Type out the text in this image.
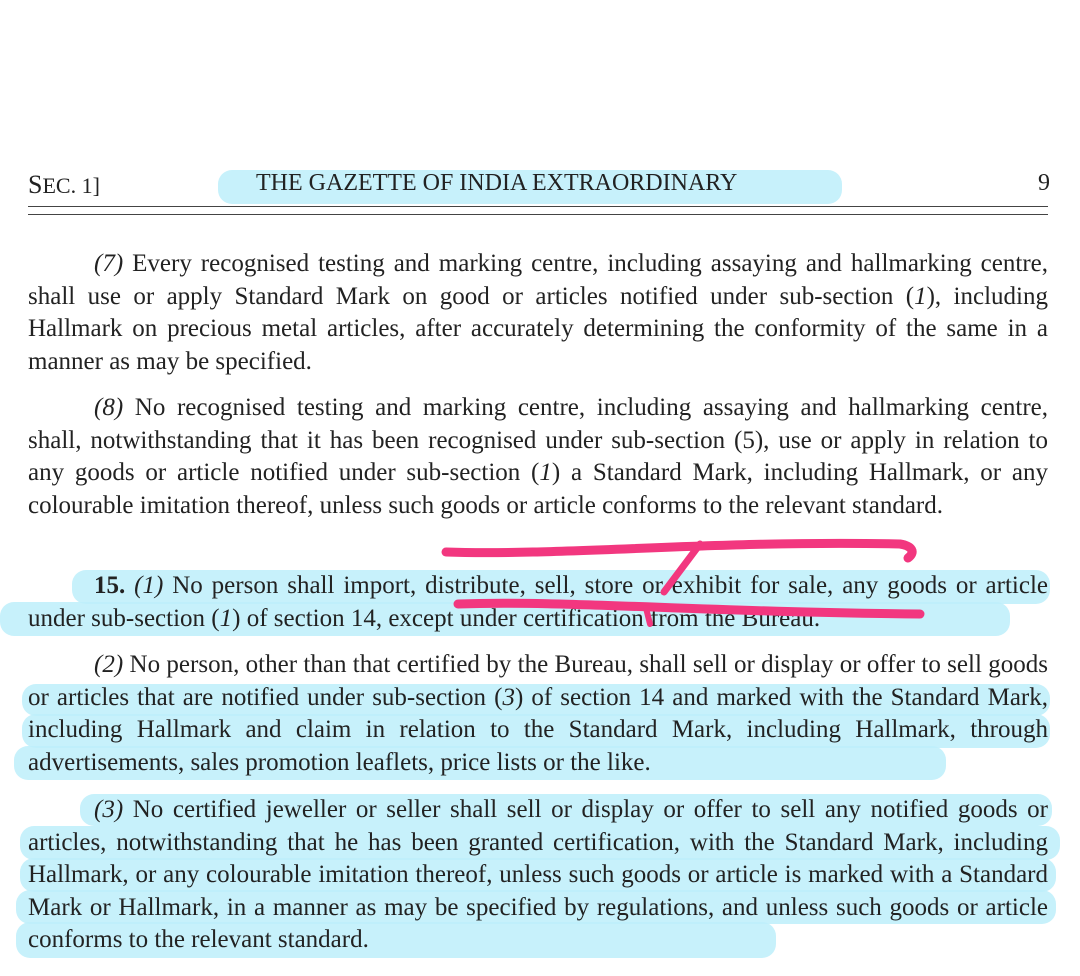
SEC. 1]	THE GAZETTE OF INDIA EXTRAORDINARY	9
(7) Every recognised testing and marking centre, including assaying and hallmarking centre, shall use or apply Standard Mark on good or articles notified under sub-section (1), including Hallmark on precious metal articles, after accurately determining the conformity of the same in a manner as may be specified.
(8) No recognised testing and marking centre, including assaying and hallmarking centre, shall, notwithstanding that it has been recognised under sub-section (5), use or apply in relation to any goods or article notified under sub-section (1) a Standard Mark, including Hallmark, or any colourable imitation thereof, unless such goods or article conforms to the relevant standard.
15. (1) No person shall import, distribute, sell, store or exhibit for sale, any goods or article under sub-section (1) of section 14, except under certification from the Bureau.
(2) No person, other than that certified by the Bureau, shall sell or display or offer to sell goods or articles that are notified under sub-section (3) of section 14 and marked with the Standard Mark, including Hallmark and claim in relation to the Standard Mark, including Hallmark, through advertisements, sales promotion leaflets, price lists or the like.
(3) No certified jeweller or seller shall sell or display or offer to sell any notified goods or articles, notwithstanding that he has been granted certification, with the Standard Mark, including Hallmark, or any colourable imitation thereof, unless such goods or article is marked with a Standard Mark or Hallmark, in a manner as may be specified by regulations, and unless such goods or article conforms to the relevant standard.
